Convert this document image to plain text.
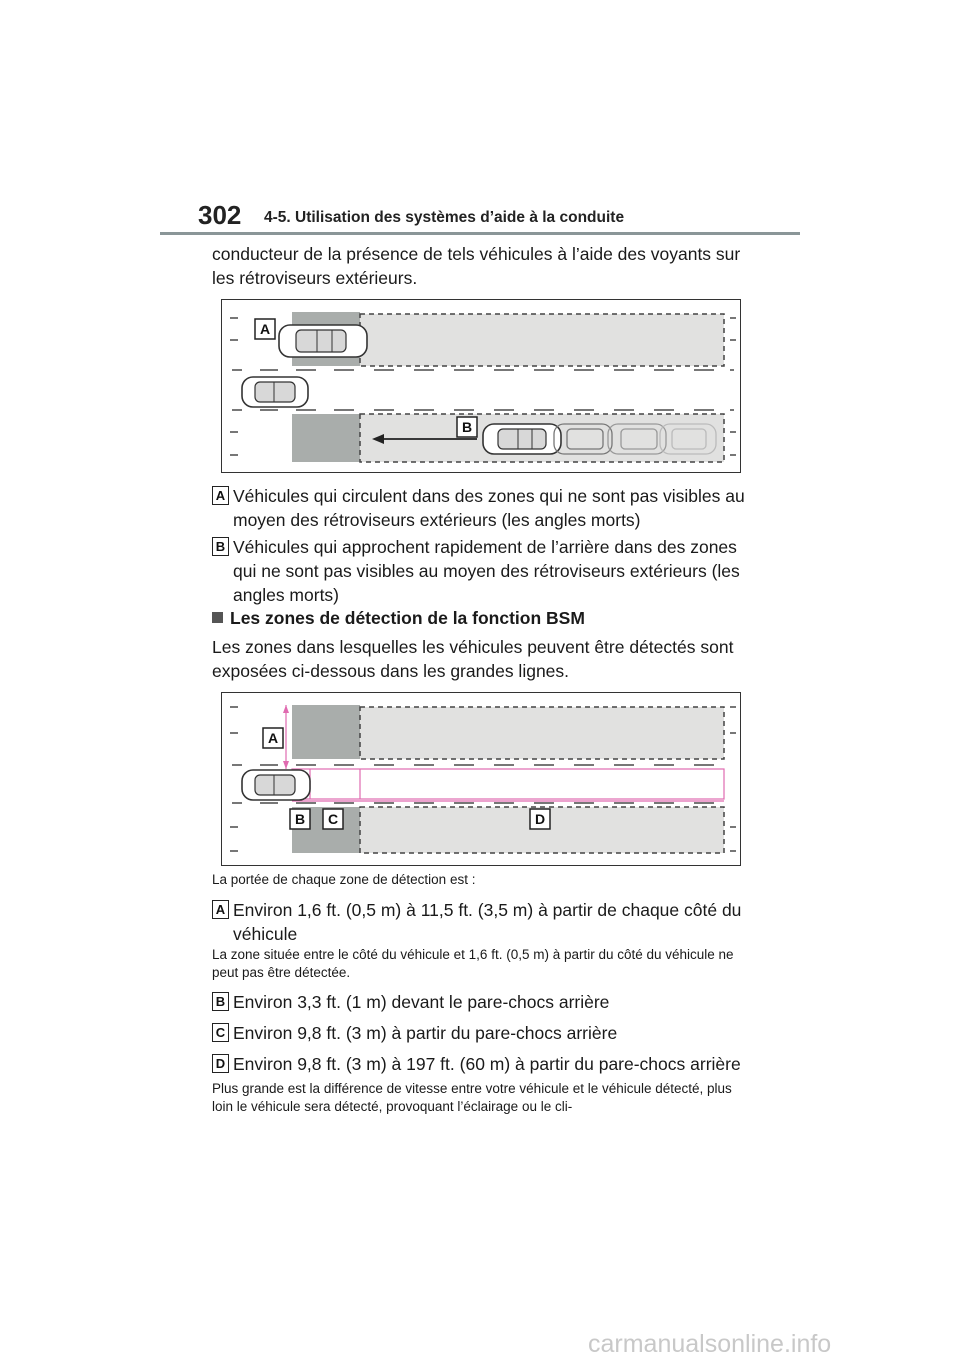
302 4-5. Utilisation des systèmes d’aide à la conduite
conducteur de la présence de tels véhicules à l’aide des voyants sur les rétroviseurs extérieurs.
A
B
A Véhicules qui circulent dans des zones qui ne sont pas visibles au moyen des rétroviseurs extérieurs (les angles morts)
B Véhicules qui approchent rapidement de l’arrière dans des zones qui ne sont pas visibles au moyen des rétroviseurs extérieurs (les angles morts)
Les zones de détection de la fonction BSM
Les zones dans lesquelles les véhicules peuvent être détectés sont exposées ci-dessous dans les grandes lignes.
A
B C	D
La portée de chaque zone de détection est :
A Environ 1,6 ft. (0,5 m) à 11,5 ft. (3,5 m) à partir de chaque côté du véhicule
La zone située entre le côté du véhicule et 1,6 ft. (0,5 m) à partir du côté du véhicule ne peut pas être détectée.
B Environ 3,3 ft. (1 m) devant le pare-chocs arrière
C Environ 9,8 ft. (3 m) à partir du pare-chocs arrière
D Environ 9,8 ft. (3 m) à 197 ft. (60 m) à partir du pare-chocs arrière
Plus grande est la différence de vitesse entre votre véhicule et le véhicule détecté, plus loin le véhicule sera détecté, provoquant l’éclairage ou le cli-
carmanualsonline.info
